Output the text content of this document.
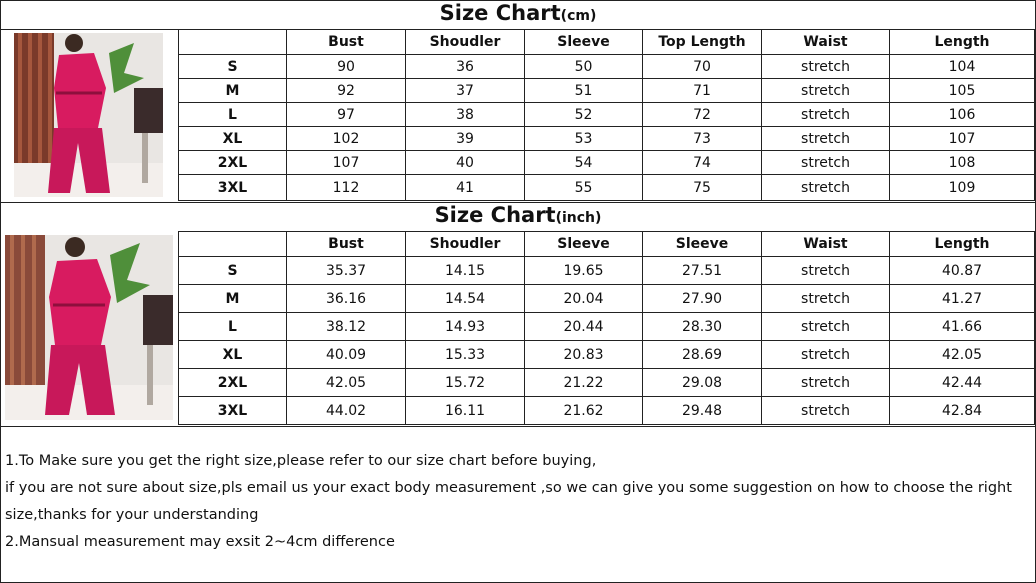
Size Chart(cm)
	Bust	Shoudler	Sleeve	Top Length	Waist	Length
S	90	36	50	70	stretch	104
M	92	37	51	71	stretch	105
L	97	38	52	72	stretch	106
XL	102	39	53	73	stretch	107
2XL	107	40	54	74	stretch	108
3XL	112	41	55	75	stretch	109
Size Chart(inch)
	Bust	Shoudler	Sleeve	Sleeve	Waist	Length
S	35.37	14.15	19.65	27.51	stretch	40.87
M	36.16	14.54	20.04	27.90	stretch	41.27
L	38.12	14.93	20.44	28.30	stretch	41.66
XL	40.09	15.33	20.83	28.69	stretch	42.05
2XL	42.05	15.72	21.22	29.08	stretch	42.44
3XL	44.02	16.11	21.62	29.48	stretch	42.84

1.To Make sure you get the right size,please refer to our size chart before buying,

if you are not sure about size,pls email us your exact body measurement ,so we can give you some suggestion on how to choose the right size,thanks for your understanding

2.Mansual measurement may exsit 2~4cm difference
